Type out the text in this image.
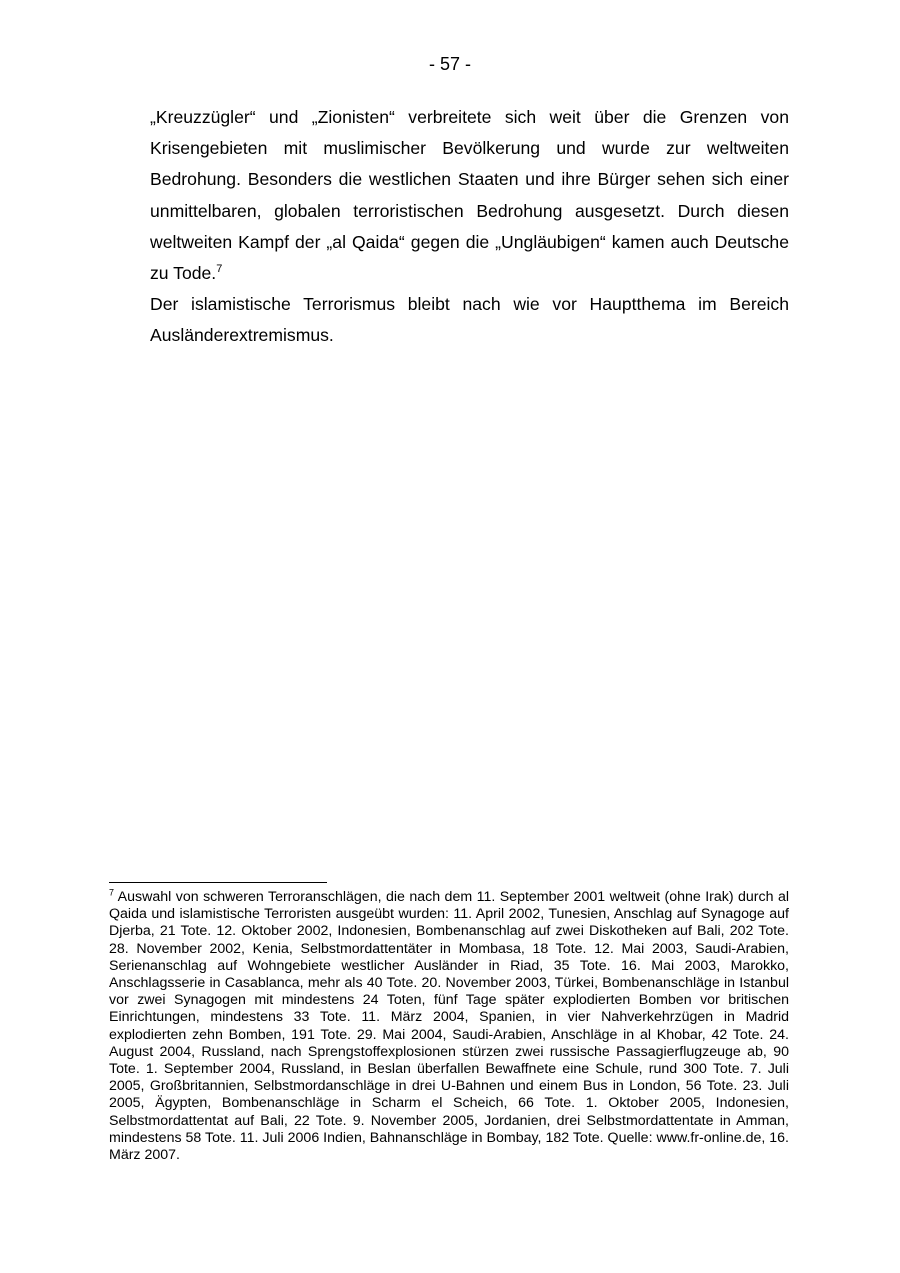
- 57 -

„Kreuzzügler“ und „Zionisten“ verbreitete sich weit über die Grenzen von Krisengebieten mit muslimischer Bevölkerung und wurde zur weltweiten Bedrohung. Besonders die westlichen Staaten und ihre Bürger sehen sich einer unmittelbaren, globalen terroristischen Bedrohung ausgesetzt. Durch diesen weltweiten Kampf der „al Qaida“ gegen die „Ungläubigen“ kamen auch Deutsche zu Tode.$^7$

Der islamistische Terrorismus bleibt nach wie vor Hauptthema im Bereich Ausländerextremismus.

$^7$ Auswahl von schweren Terroranschlägen, die nach dem 11. September 2001 weltweit (ohne Irak) durch al Qaida und islamistische Terroristen ausgeübt wurden: 11. April 2002, Tunesien, Anschlag auf Synagoge auf Djerba, 21 Tote. 12. Oktober 2002, Indonesien, Bombenanschlag auf zwei Diskotheken auf Bali, 202 Tote. 28. November 2002, Kenia, Selbstmordattentäter in Mombasa, 18 Tote. 12. Mai 2003, Saudi-Arabien, Serienanschlag auf Wohngebiete westlicher Ausländer in Riad, 35 Tote. 16. Mai 2003, Marokko, Anschlagsserie in Casablanca, mehr als 40 Tote. 20. November 2003, Türkei, Bombenanschläge in Istanbul vor zwei Synagogen mit mindestens 24 Toten, fünf Tage später explodierten Bomben vor britischen Einrichtungen, mindestens 33 Tote. 11. März 2004, Spanien, in vier Nahverkehrzügen in Madrid explodierten zehn Bomben, 191 Tote. 29. Mai 2004, Saudi-Arabien, Anschläge in al Khobar, 42 Tote. 24. August 2004, Russland, nach Sprengstoffexplosionen stürzen zwei russische Passagierflugzeuge ab, 90 Tote. 1. September 2004, Russland, in Beslan überfallen Bewaffnete eine Schule, rund 300 Tote. 7. Juli 2005, Großbritannien, Selbstmordanschläge in drei U-Bahnen und einem Bus in London, 56 Tote. 23. Juli 2005, Ägypten, Bombenanschläge in Scharm el Scheich, 66 Tote. 1. Oktober 2005, Indonesien, Selbstmordattentat auf Bali, 22 Tote. 9. November 2005, Jordanien, drei Selbstmordattentate in Amman, mindestens 58 Tote. 11. Juli 2006 Indien, Bahnanschläge in Bombay, 182 Tote. Quelle: www.fr-online.de, 16. März 2007.
